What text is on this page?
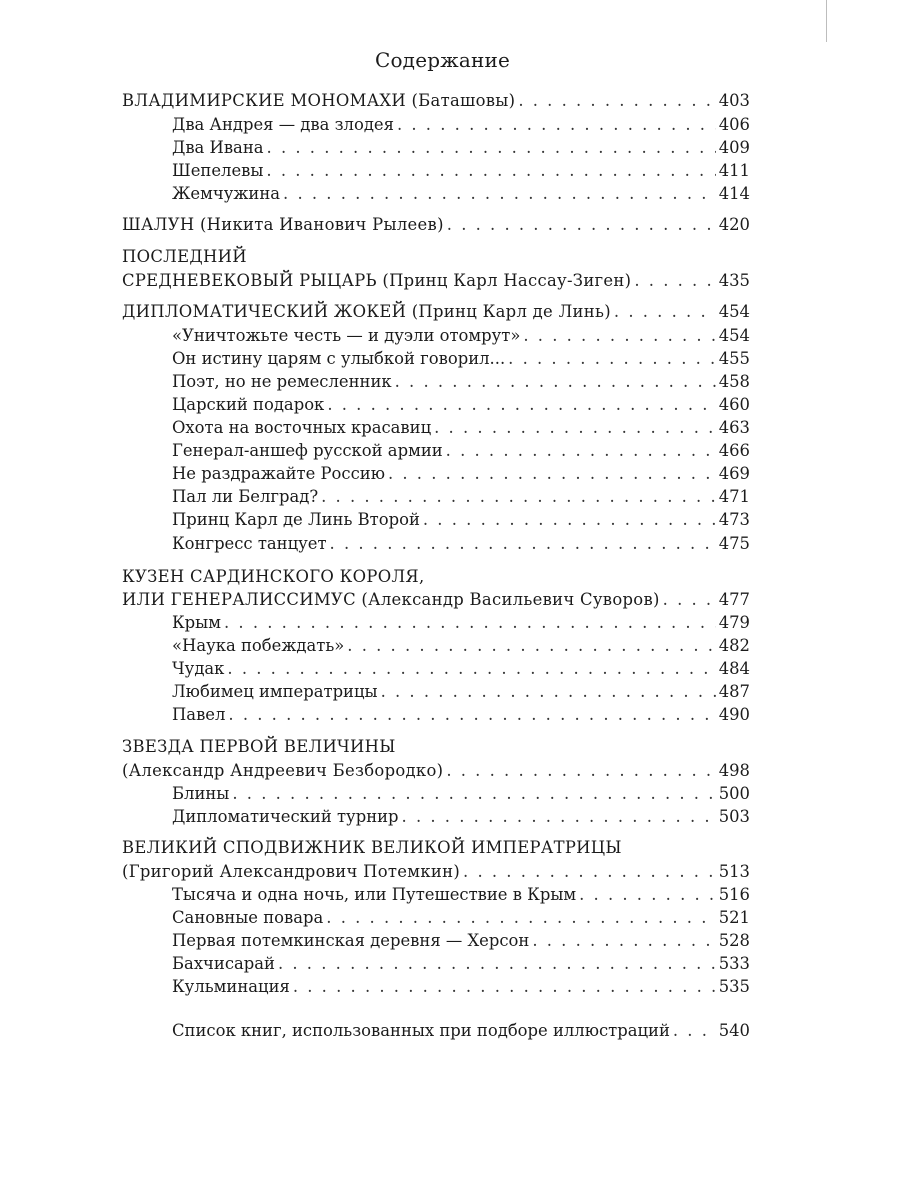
Содержание
ВЛАДИМИРСКИЕ МОНОМАХИ (Баташовы) . . .	403
Два Андрея — два злодея . . .	406
Два Ивана . . .	409
Шепелевы . . .	411
Жемчужина . . .	414
ШАЛУН (Никита Иванович Рылеев) . . .	420
ПОСЛЕДНИЙ
СРЕДНЕВЕКОВЫЙ РЫЦАРЬ (Принц Карл Нассау-Зиген) . . .	435
ДИПЛОМАТИЧЕСКИЙ ЖОКЕЙ (Принц Карл де Линь) . . .	454
«Уничтожьте честь — и дуэли отомрут» . . .	454
Он истину царям с улыбкой говорил... . . .	455
Поэт, но не ремесленник . . .	458
Царский подарок . . .	460
Охота на восточных красавиц . . .	463
Генерал-аншеф русской армии . . .	466
Не раздражайте Россию . . .	469
Пал ли Белград? . . .	471
Принц Карл де Линь Второй . . .	473
Конгресс танцует . . .	475
КУЗЕН САРДИНСКОГО КОРОЛЯ,
ИЛИ ГЕНЕРАЛИССИМУС (Александр Васильевич Суворов) . . .	477
Крым . . .	479
«Наука побеждать» . . .	482
Чудак . . .	484
Любимец императрицы . . .	487
Павел . . .	490
ЗВЕЗДА ПЕРВОЙ ВЕЛИЧИНЫ
(Александр Андреевич Безбородко) . . .	498
Блины . . .	500
Дипломатический турнир . . .	503
ВЕЛИКИЙ СПОДВИЖНИК ВЕЛИКОЙ ИМПЕРАТРИЦЫ
(Григорий Александрович Потемкин) . . .	513
Тысяча и одна ночь, или Путешествие в Крым . . .	516
Сановные повара . . .	521
Первая потемкинская деревня — Херсон . . .	528
Бахчисарай . . .	533
Кульминация . . .	535
Список книг, использованных при подборе иллюстраций . . .	540
